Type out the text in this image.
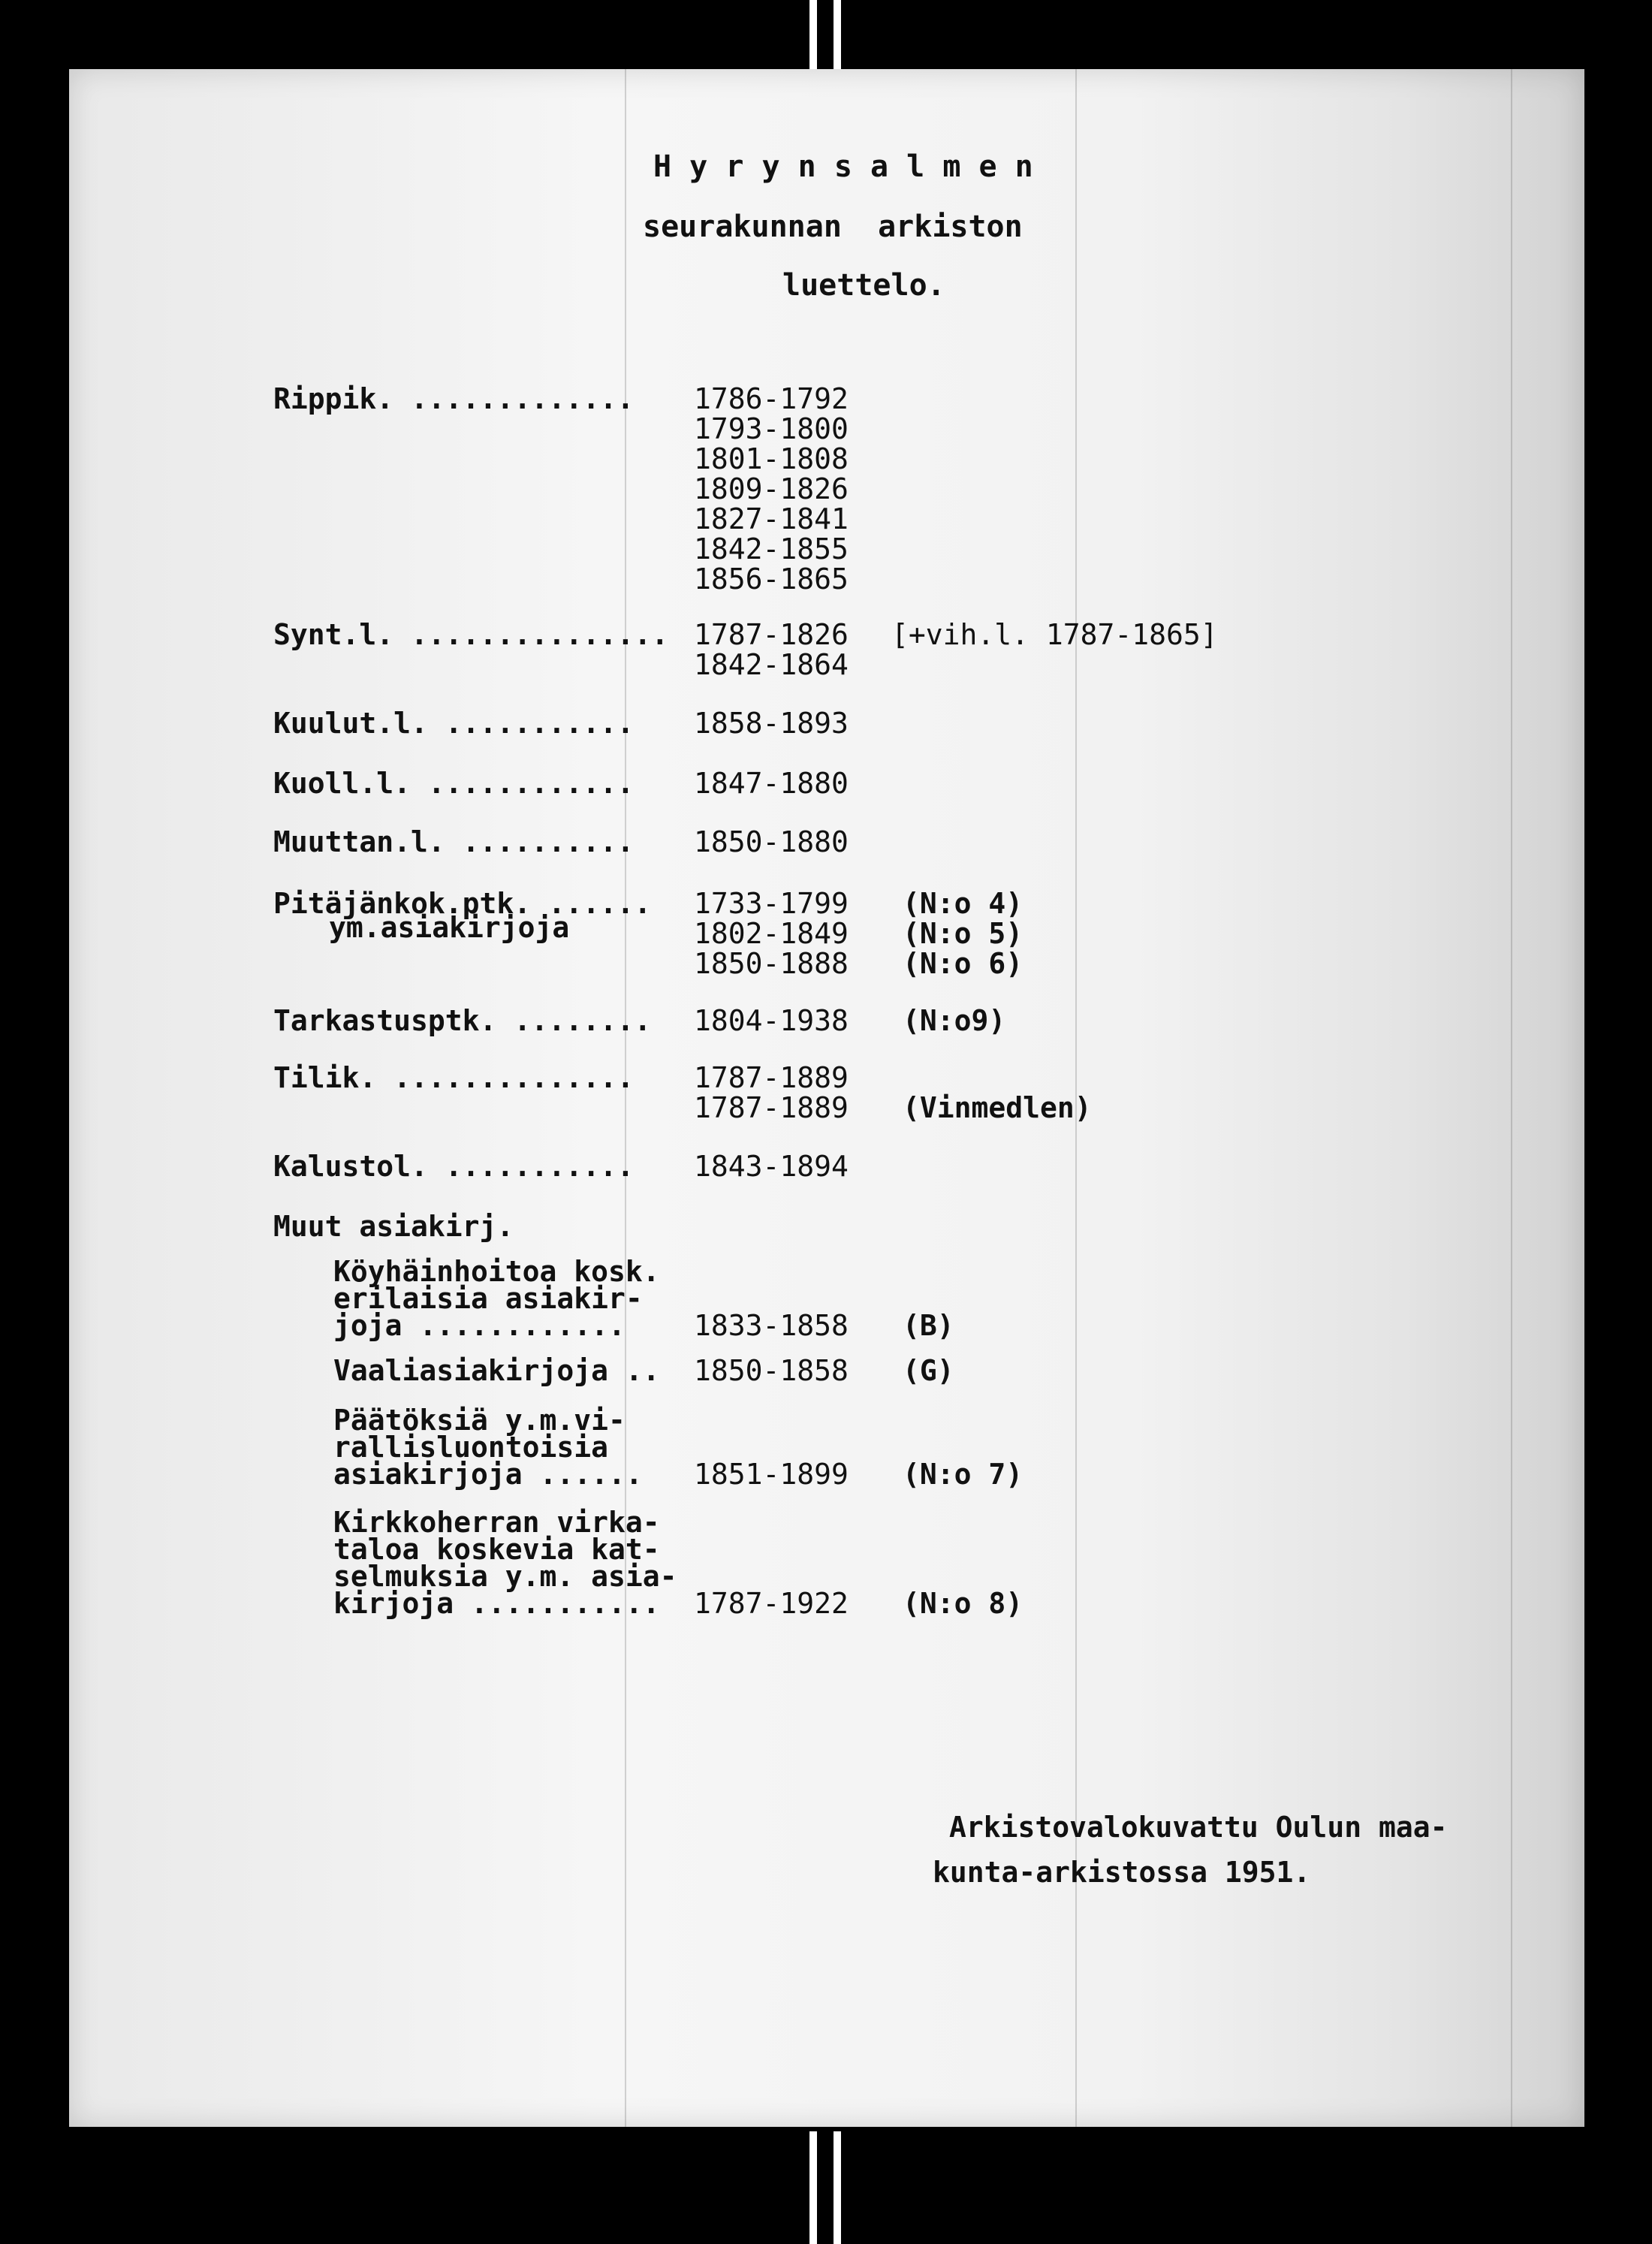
H y r y n s a l m e n
seurakunnan  arkiston
luettelo.
Rippik. ............. 1786-1792
1793-1800
1801-1808
1809-1826
1827-1841
1842-1855
1856-1865
Synt.l. ............... 1787-1826
1842-1864
[+vih.l. 1787-1865]
Kuulut.l. ........... 1858-1893
Kuoll.l. ............ 1847-1880
Muuttan.l. .......... 1850-1880
Pitäjänkok.ptk. ......
ym.asiakirjoja
1733-1799
1802-1849
1850-1888
(N:o 4)
(N:o 5)
(N:o 6)
Tarkastusptk. ........ 1804-1938 (N:o9)
Tilik. .............. 1787-1889
1787-1889 (Vinmedlen)
Kalustol. ........... 1843-1894
Muut asiakirj.
Köyhäinhoitoa kosk.
erilaisia asiakir-
joja ............ 1833-1858 (B)
Vaaliasiakirjoja .. 1850-1858 (G)
Päätöksiä y.m.vi-
rallisluontoisia
asiakirjoja ...... 1851-1899 (N:o 7)
Kirkkoherran virka-
taloa koskevia kat-
selmuksia y.m. asia-
kirjoja ........... 1787-1922 (N:o 8)
Arkistovalokuvattu Oulun maa-
kunta-arkistossa 1951.
